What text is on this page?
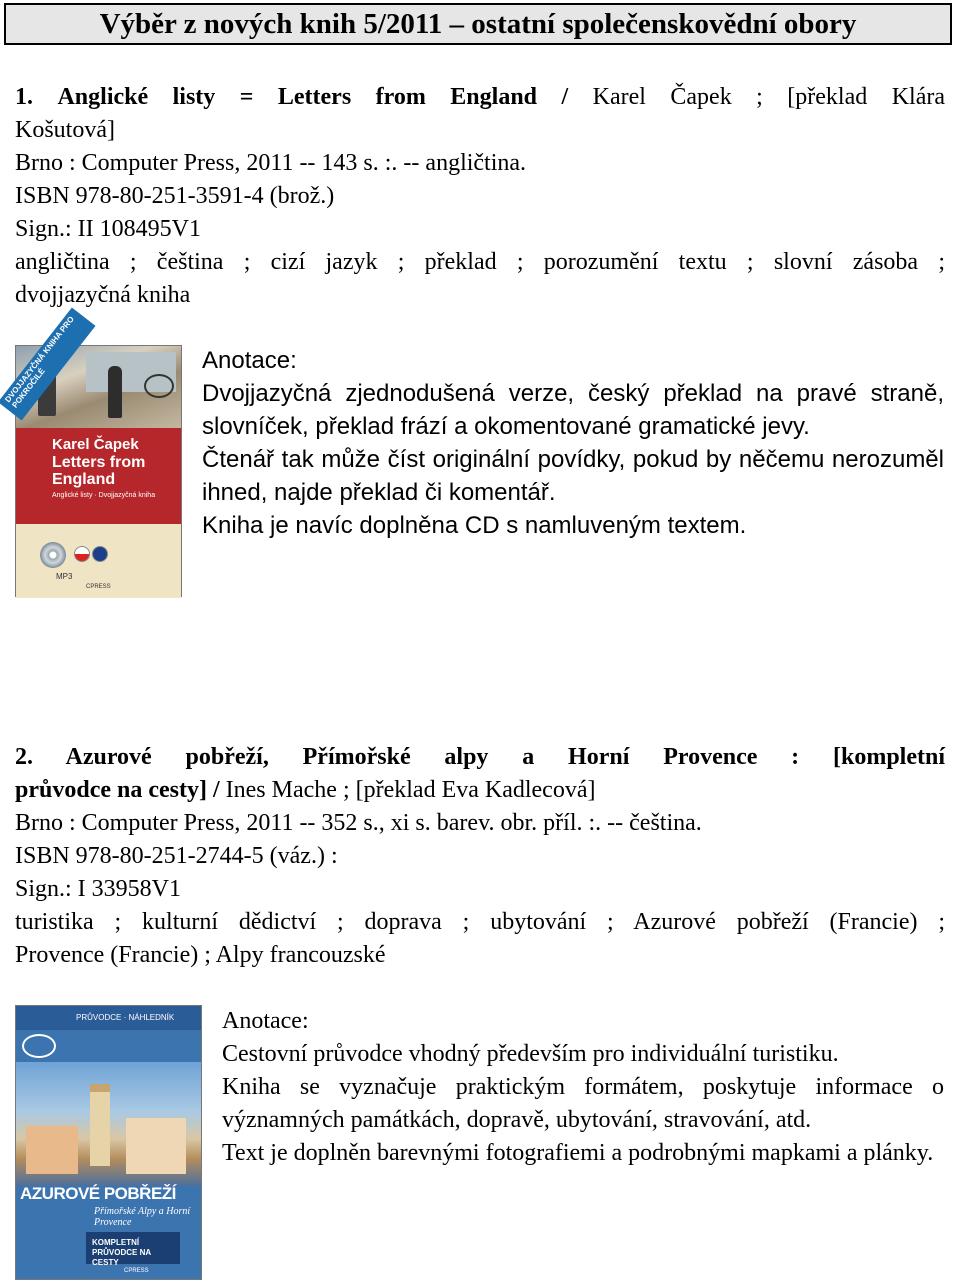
Výběr z nových knih 5/2011 – ostatní společenskovědní obory
1. Anglické listy = Letters from England / Karel Čapek ; [překlad Klára
Košutová]
Brno : Computer Press, 2011 -- 143 s. :. -- angličtina.
ISBN 978-80-251-3591-4 (brož.)
Sign.: II 108495V1
angličtina ; čeština ; cizí jazyk ; překlad ; porozumění textu ; slovní zásoba ;
dvojjazyčná kniha
DVOJJAZYČNÁ KNIHA PRO POKROČILÉ
Karel Čapek
Letters from
England
Anglické listy · Dvojjazyčná kniha
MP3
CPRESS
Anotace:

Dvojjazyčná zjednodušená verze, český překlad na pravé straně, slovníček, překlad frází a okomentované gramatické jevy.

Čtenář tak může číst originální povídky, pokud by něčemu nerozuměl ihned, najde překlad či komentář.

Kniha je navíc doplněna CD s namluveným textem.

2. Azurové pobřeží, Přímořské alpy a Horní Provence : [kompletní
průvodce na cesty] / Ines Mache ; [překlad Eva Kadlecová]
Brno : Computer Press, 2011 -- 352 s., xi s. barev. obr. příl. :. -- čeština.
ISBN 978-80-251-2744-5 (váz.) :
Sign.: I 33958V1
turistika ; kulturní dědictví ; doprava ; ubytování ; Azurové pobřeží (Francie) ;
Provence (Francie) ; Alpy francouzské
PRŮVODCE · NÁHLEDNÍK
AZUROVÉ POBŘEŽÍ
Přímořské Alpy a Horní Provence
KOMPLETNÍ PRŮVODCE NA CESTY
CPRESS
Anotace:

Cestovní průvodce vhodný především pro individuální turistiku.

Kniha se vyznačuje praktickým formátem, poskytuje informace o významných památkách, dopravě, ubytování, stravování, atd.

Text je doplněn barevnými fotografiemi a podrobnými mapkami a plánky.
